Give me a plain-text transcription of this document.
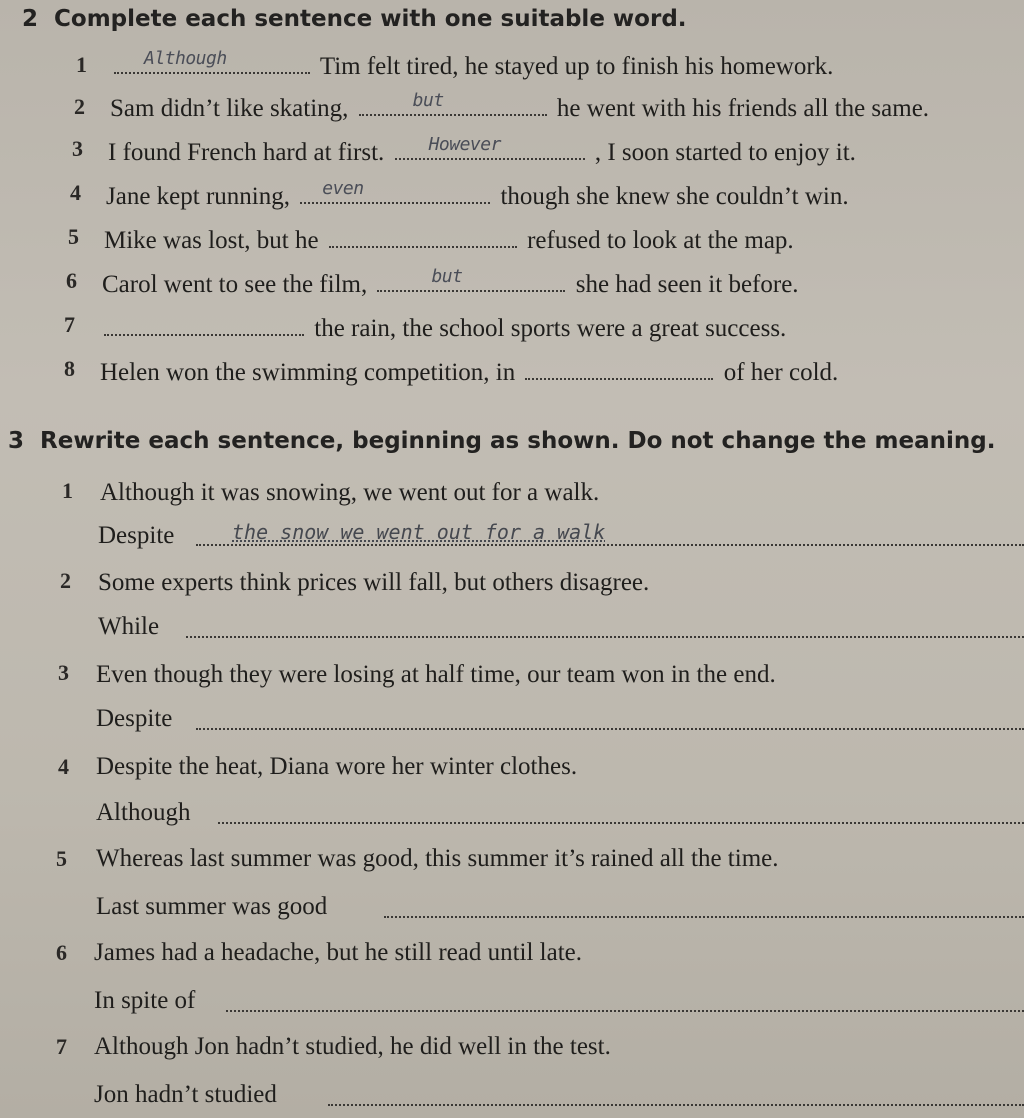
2 Complete each sentence with one suitable word.
1	Although	Tim felt tired, he stayed up to finish his homework.
2 Sam didn’t like skating,	but	he went with his friends all the same.
3 I found French hard at first. However	, I soon started to enjoy it.
4 Jane kept running, even	though she knew she couldn’t win.
5 Mike was lost, but he	refused to look at the map.
6 Carol went to see the film,	but	she had seen it before.
7	the rain, the school sports were a great success.
8 Helen won the swimming competition, in	of her cold.
3 Rewrite each sentence, beginning as shown. Do not change the meaning.
1 Although it was snowing, we went out for a walk.
Despite	the snow we went out for a walk
2 Some experts think prices will fall, but others disagree.
While
3 Even though they were losing at half time, our team won in the end.
Despite
4 Despite the heat, Diana wore her winter clothes.
Although
5 Whereas last summer was good, this summer it’s rained all the time.
Last summer was good
6 James had a headache, but he still read until late.
In spite of
7 Although Jon hadn’t studied, he did well in the test.
Jon hadn’t studied
